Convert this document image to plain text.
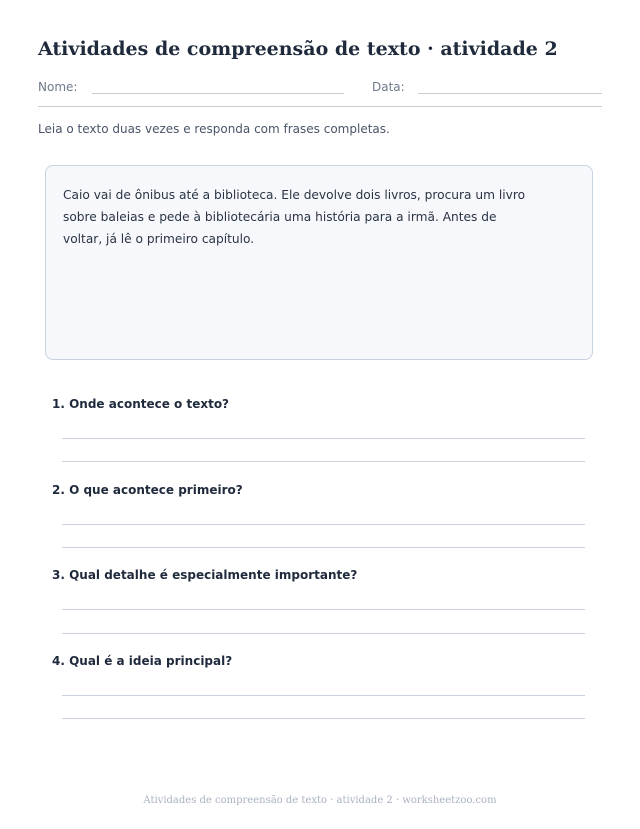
Atividades de compreensão de texto · atividade 2
Nome:	Data:
Leia o texto duas vezes e responda com frases completas.
Caio vai de ônibus até a biblioteca. Ele devolve dois livros, procura um livro sobre baleias e pede à bibliotecária uma história para a irmã. Antes de voltar, já lê o primeiro capítulo.
1. Onde acontece o texto?
2. O que acontece primeiro?
3. Qual detalhe é especialmente importante?
4. Qual é a ideia principal?
Atividades de compreensão de texto · atividade 2 · worksheetzoo.com
